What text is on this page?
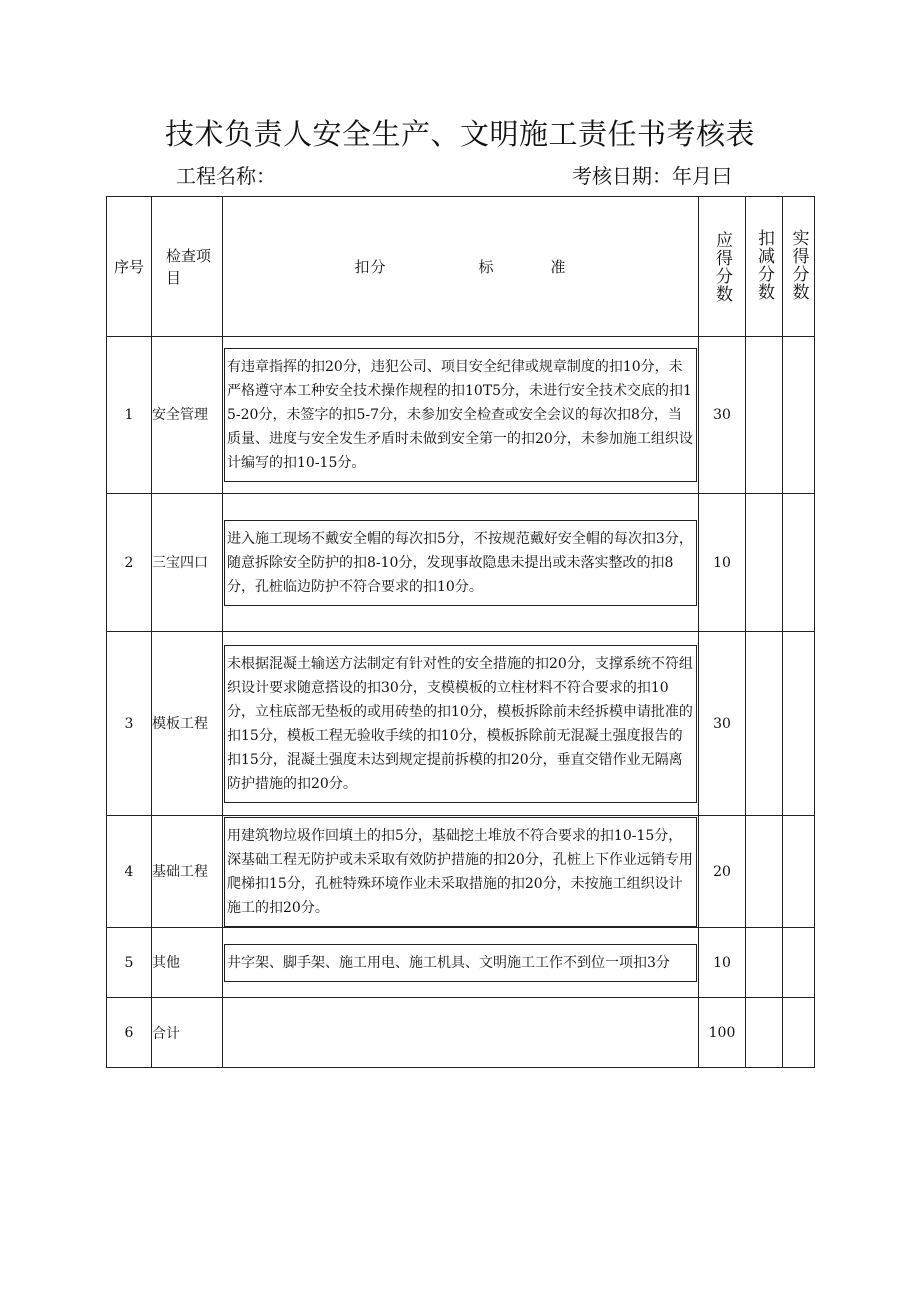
技术负责人安全生产、文明施工责任书考核表
工程名称：	考核日期：年月曰
序号	检查项目	扣分 标 准	应得分数	扣减分数	实得分数

1	安全管理	有违章指挥的扣20分，违犯公司、项目安全纪律或规章制度的扣10分，未严格遵守本工种安全技术操作规程的扣10T5分，未进行安全技术交底的扣15-20分，未签字的扣5-7分，未参加安全检查或安全会议的每次扣8分，当质量、进度与安全发生矛盾时未做到安全第一的扣20分，未参加施工组织设计编写的扣10-15分。	30		
2	三宝四口	进入施工现场不戴安全帽的每次扣5分，不按规范戴好安全帽的每次扣3分，随意拆除安全防护的扣8-10分，发现事故隐患未提出或未落实整改的扣8分，孔桩临边防护不符合要求的扣10分。	10		
3	模板工程	未根据混凝土输送方法制定有针对性的安全措施的扣20分，支撑系统不符组织设计要求随意搭设的扣30分，支模模板的立柱材料不符合要求的扣10分，立柱底部无垫板的或用砖垫的扣10分，模板拆除前未经拆模申请批准的扣15分，模板工程无验收手续的扣10分，模板拆除前无混凝土强度报告的扣15分，混凝土强度未达到规定提前拆模的扣20分，垂直交错作业无隔离防护措施的扣20分。	30		
4	基础工程	用建筑物垃圾作回填土的扣5分，基础挖土堆放不符合要求的扣10-15分，深基础工程无防护或未采取有效防护措施的扣20分，孔桩上下作业远销专用爬梯扣15分，孔桩特殊环境作业未采取措施的扣20分，未按施工组织设计施工的扣20分。	20		
5	其他	井字架、脚手架、施工用电、施工机具、文明施工工作不到位一项扣3分	10		
6	合计		100		
